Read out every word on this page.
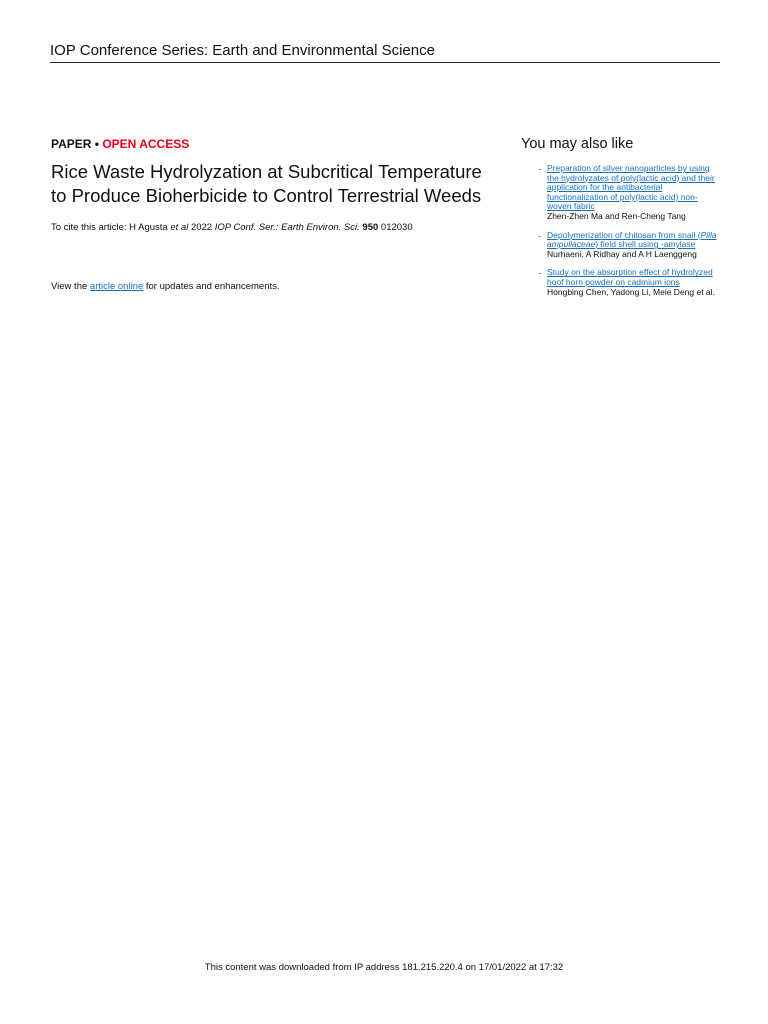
IOP Conference Series: Earth and Environmental Science
PAPER • OPEN ACCESS
Rice Waste Hydrolyzation at Subcritical Temperature to Produce Bioherbicide to Control Terrestrial Weeds
To cite this article: H Agusta et al 2022 IOP Conf. Ser.: Earth Environ. Sci. 950 012030
View the article online for updates and enhancements.
You may also like
- Preparation of silver nanoparticles by using the hydrolyzates of poly(lactic acid) and their application for the antibacterial functionalization of poly(lactic acid) non-woven fabric
Zhen-Zhen Ma and Ren-Cheng Tang
- Depolymerization of chitosan from snail (Pilla ampullaceae) field shell using -amylase
Nurhaeni, A Ridhay and A H Laenggeng
- Study on the absorption effect of hydrolyzed hoof horn powder on cadmium ions
Hongbing Chen, Yadong Li, Meie Deng et al.
This content was downloaded from IP address 181.215.220.4 on 17/01/2022 at 17:32
